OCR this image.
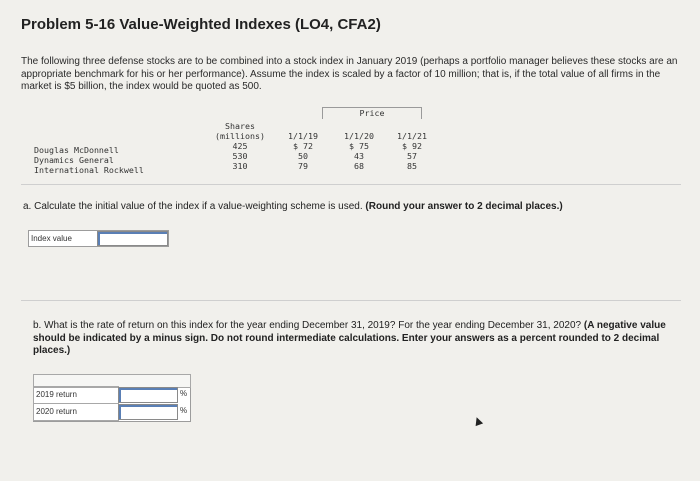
Problem 5-16 Value-Weighted Indexes (LO4, CFA2)
The following three defense stocks are to be combined into a stock index in January 2019 (perhaps a portfolio manager believes these stocks are an appropriate benchmark for his or her performance). Assume the index is scaled by a factor of 10 million; that is, if the total value of all firms in the market is $5 billion, the index would be quoted as 500.
Price
Shares
(millions)
425
530
310
1/1/19
$ 72
50
79
1/1/20
$ 75
43
68
1/1/21
$ 92
57
85
Douglas McDonnell
Dynamics General
International Rockwell
a. Calculate the initial value of the index if a value-weighting scheme is used. (Round your answer to 2 decimal places.)
Index value
b. What is the rate of return on this index for the year ending December 31, 2019? For the year ending December 31, 2020? (A negative value should be indicated by a minus sign. Do not round intermediate calculations. Enter your answers as a percent rounded to 2 decimal places.)
2019 return	%
2020 return	%
